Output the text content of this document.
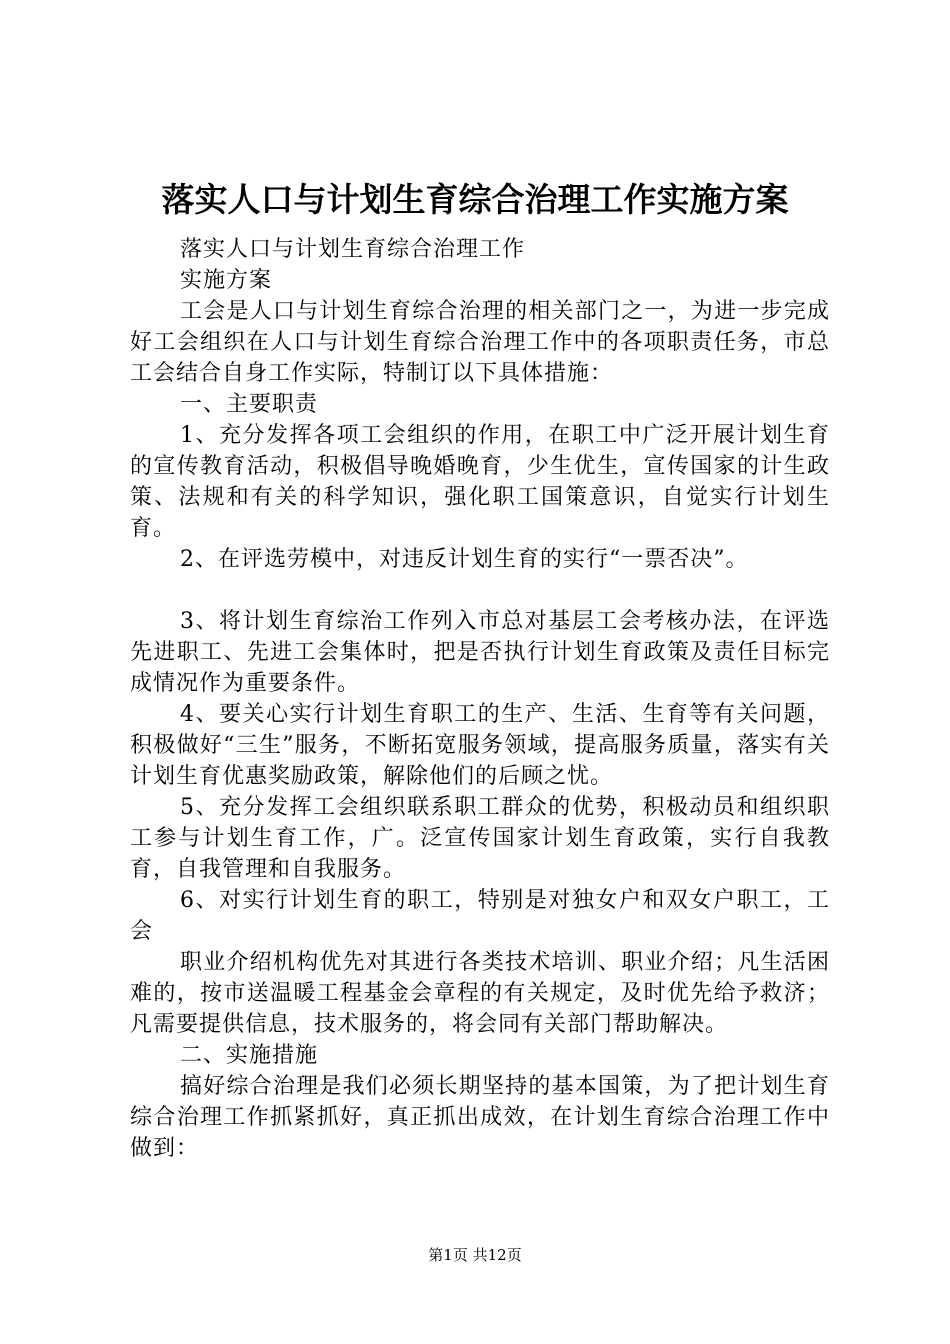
落实人口与计划生育综合治理工作实施方案

落实人口与计划生育综合治理工作

实施方案

工会是人口与计划生育综合治理的相关部门之一，为进一步完成好工会组织在人口与计划生育综合治理工作中的各项职责任务，市总工会结合自身工作实际，特制订以下具体措施：

一、主要职责

1、充分发挥各项工会组织的作用，在职工中广泛开展计划生育的宣传教育活动，积极倡导晚婚晚育，少生优生，宣传国家的计生政策、法规和有关的科学知识，强化职工国策意识，自觉实行计划生育。

2、在评选劳模中，对违反计划生育的实行“一票否决”。

3、将计划生育综治工作列入市总对基层工会考核办法，在评选先进职工、先进工会集体时，把是否执行计划生育政策及责任目标完成情况作为重要条件。

4、要关心实行计划生育职工的生产、生活、生育等有关问题，积极做好“三生”服务，不断拓宽服务领域，提高服务质量，落实有关计划生育优惠奖励政策，解除他们的后顾之忧。

5、充分发挥工会组织联系职工群众的优势，积极动员和组织职工参与计划生育工作，广。泛宣传国家计划生育政策，实行自我教育，自我管理和自我服务。

6、对实行计划生育的职工，特别是对独女户和双女户职工，工会

职业介绍机构优先对其进行各类技术培训、职业介绍；凡生活困难的，按市送温暖工程基金会章程的有关规定，及时优先给予救济；凡需要提供信息，技术服务的，将会同有关部门帮助解决。

二、实施措施

搞好综合治理是我们必须长期坚持的基本国策，为了把计划生育综合治理工作抓紧抓好，真正抓出成效，在计划生育综合治理工作中做到：

第1页 共12页
